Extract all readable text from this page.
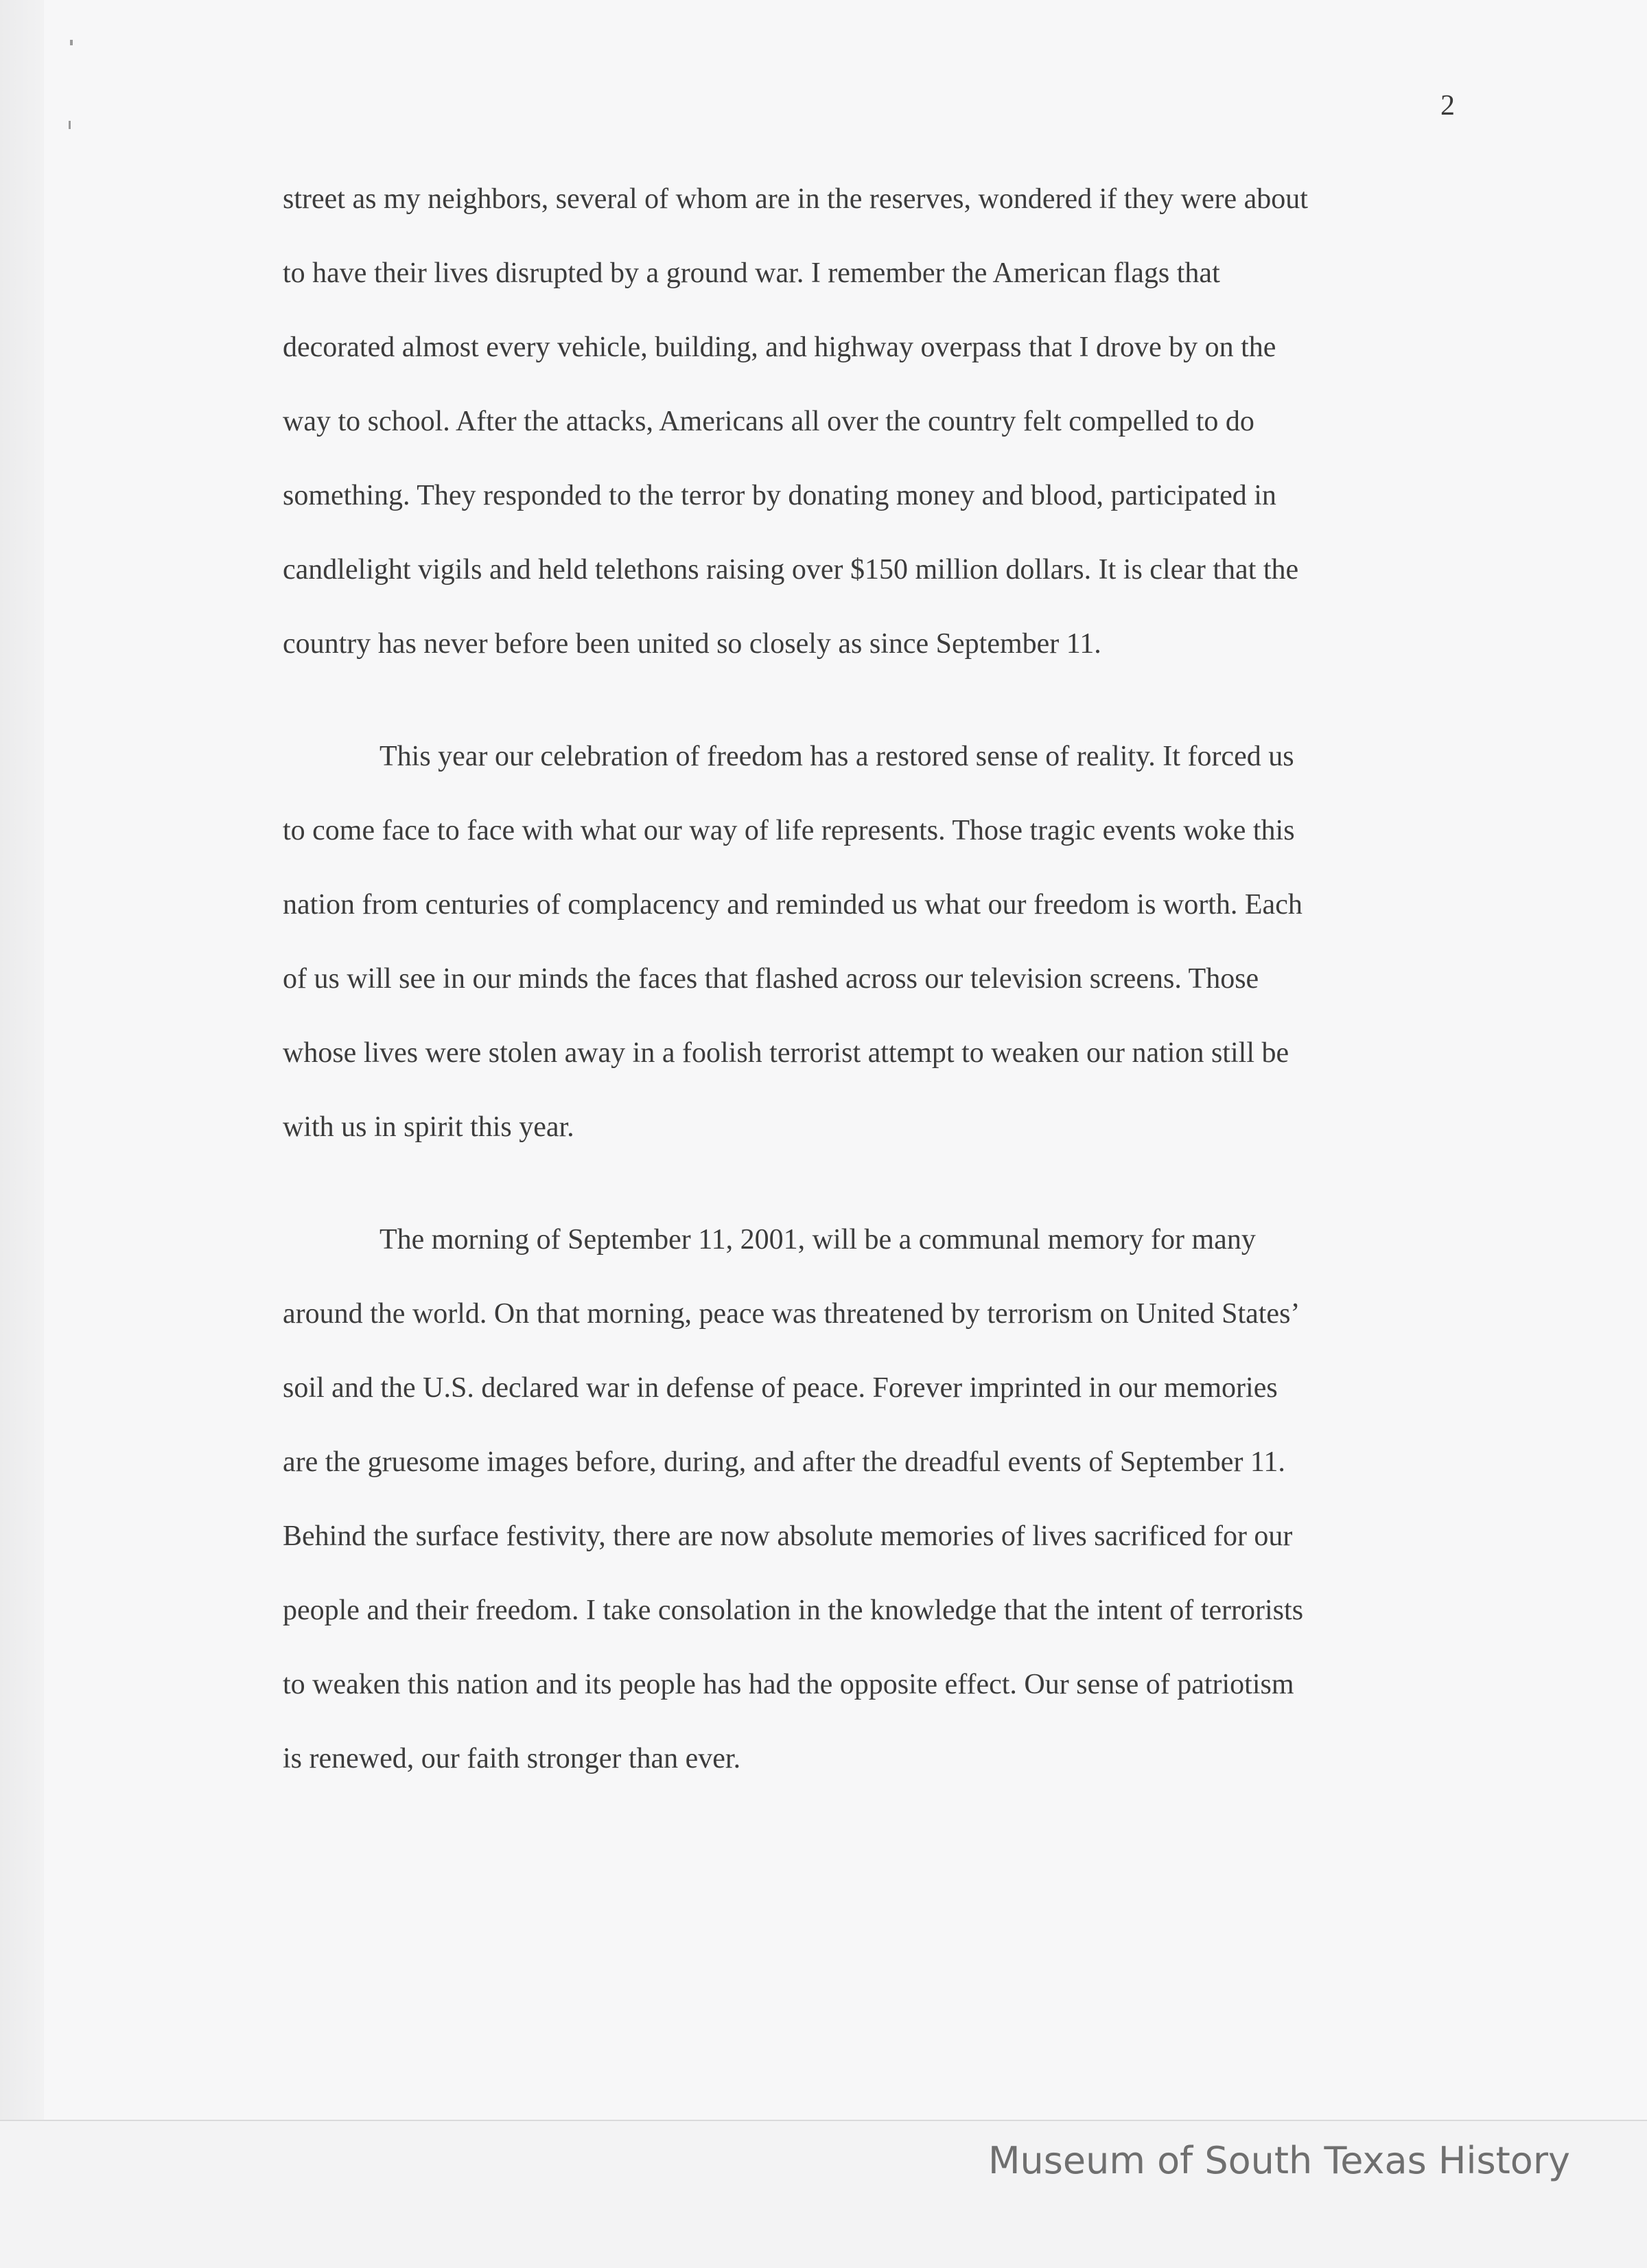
2
street as my neighbors, several of whom are in the reserves, wondered if they were about
to have their lives disrupted by a ground war. I remember the American flags that
decorated almost every vehicle, building, and highway overpass that I drove by on the
way to school. After the attacks, Americans all over the country felt compelled to do
something. They responded to the terror by donating money and blood, participated in
candlelight vigils and held telethons raising over $150 million dollars. It is clear that the
country has never before been united so closely as since September 11.
This year our celebration of freedom has a restored sense of reality. It forced us
to come face to face with what our way of life represents. Those tragic events woke this
nation from centuries of complacency and reminded us what our freedom is worth. Each
of us will see in our minds the faces that flashed across our television screens. Those
whose lives were stolen away in a foolish terrorist attempt to weaken our nation still be
with us in spirit this year.
The morning of September 11, 2001, will be a communal memory for many
around the world. On that morning, peace was threatened by terrorism on United States’
soil and the U.S. declared war in defense of peace. Forever imprinted in our memories
are the gruesome images before, during, and after the dreadful events of September 11.
Behind the surface festivity, there are now absolute memories of lives sacrificed for our
people and their freedom. I take consolation in the knowledge that the intent of terrorists
to weaken this nation and its people has had the opposite effect. Our sense of patriotism
is renewed, our faith stronger than ever.
Museum of South Texas History
